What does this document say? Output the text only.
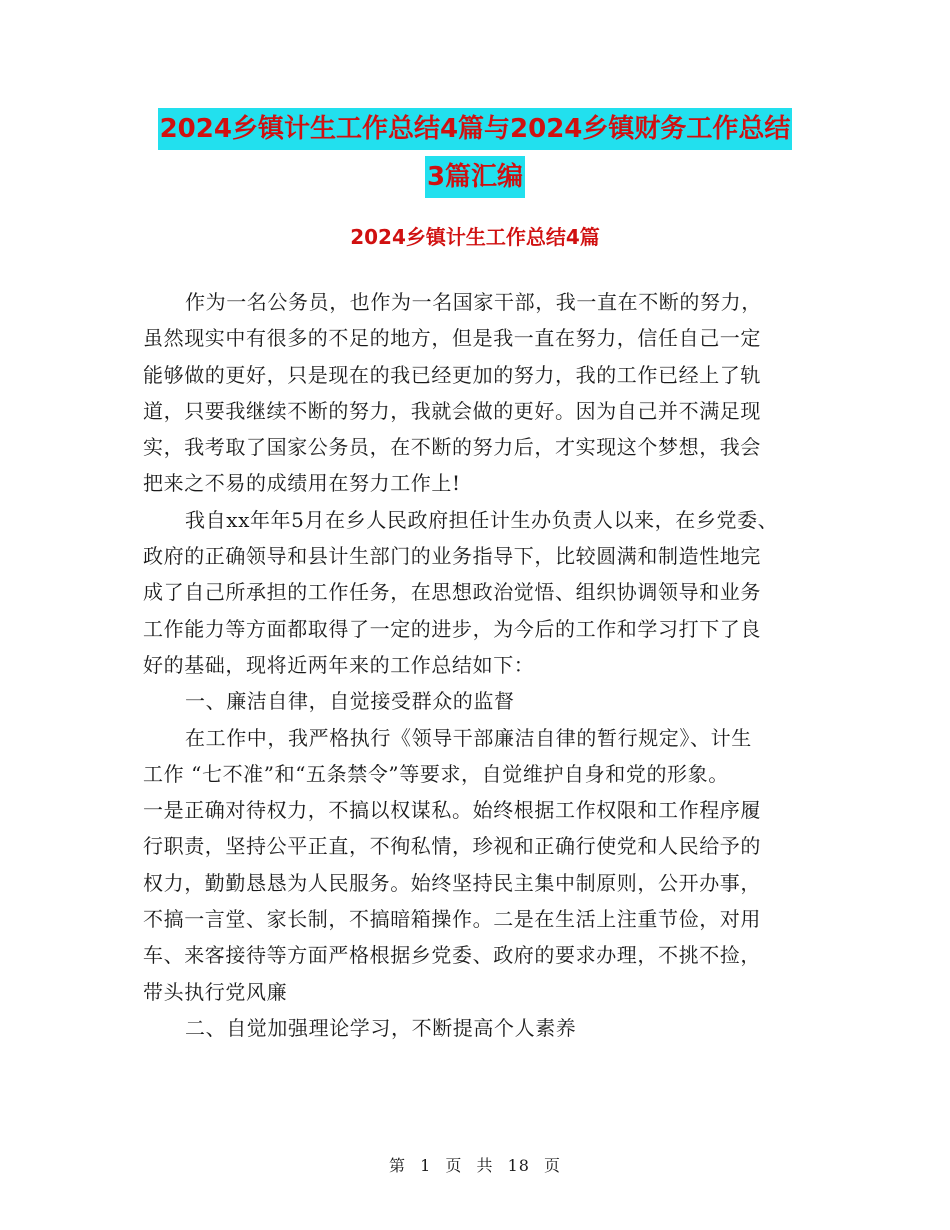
2024乡镇计生工作总结4篇与2024乡镇财务工作总结
3篇汇编
2024乡镇计生工作总结4篇
作为一名公务员，也作为一名国家干部，我一直在不断的努力，
虽然现实中有很多的不足的地方，但是我一直在努力，信任自己一定
能够做的更好，只是现在的我已经更加的努力，我的工作已经上了轨
道，只要我继续不断的努力，我就会做的更好。因为自己并不满足现
实，我考取了国家公务员，在不断的努力后，才实现这个梦想，我会
把来之不易的成绩用在努力工作上!
我自xx年年5月在乡人民政府担任计生办负责人以来，在乡党委、
政府的正确领导和县计生部门的业务指导下，比较圆满和制造性地完
成了自己所承担的工作任务，在思想政治觉悟、组织协调领导和业务
工作能力等方面都取得了一定的进步，为今后的工作和学习打下了良
好的基础，现将近两年来的工作总结如下：
一、廉洁自律，自觉接受群众的监督
在工作中，我严格执行《领导干部廉洁自律的暂行规定》、计生
工作 “七不准”和“五条禁令”等要求，自觉维护自身和党的形象。
一是正确对待权力，不搞以权谋私。始终根据工作权限和工作程序履
行职责，坚持公平正直，不徇私情，珍视和正确行使党和人民给予的
权力，勤勤恳恳为人民服务。始终坚持民主集中制原则，公开办事，
不搞一言堂、家长制，不搞暗箱操作。二是在生活上注重节俭，对用
车、来客接待等方面严格根据乡党委、政府的要求办理，不挑不捡，
带头执行党风廉
二、自觉加强理论学习，不断提高个人素养
第 1 页 共 18 页
